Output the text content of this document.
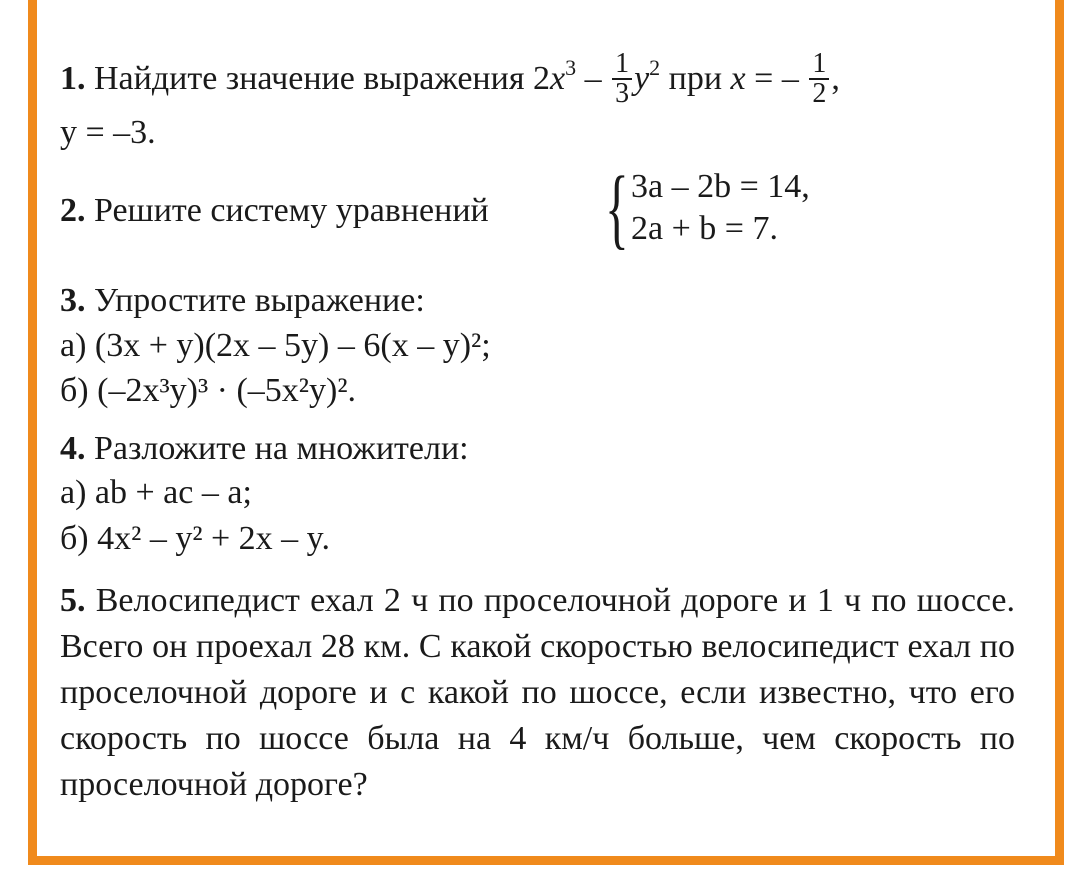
1. Найдите значение выражения $2x^3 - \frac{1}{3} y^2$ при x = – $\frac{1}{2}$ ,
y = –3.
2. Решите систему уравнений { 3a – 2b = 14,
2a + b = 7.
3. Упростите выражение:
а) (3x + y)(2x – 5y) – 6(x – y)²;
б) (–2x³y)³ · (–5x²y)².
4. Разложите на множители:
а) ab + ac – a;
б) 4x² – y² + 2x – y.
5. Велосипедист ехал 2 ч по проселочной дороге и 1 ч по шоссе. Всего он проехал 28 км. С какой скоростью велосипедист ехал по проселочной дороге и с какой по шоссе, если известно, что его скорость по шоссе была на 4 км/ч больше, чем скорость по проселочной дороге?
